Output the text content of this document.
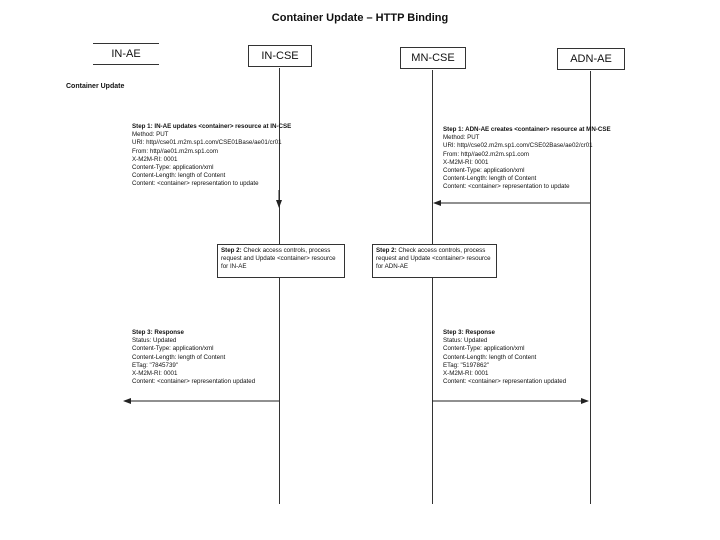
Container Update – HTTP Binding
IN-AE	IN-CSE	MN-CSE	ADN-AE
Container Update
Step 1: IN-AE updates <container> resource at IN-CSE
Method: PUT
URI: http//cse01.m2m.sp1.com/CSE01Base/ae01/cr01
From: http//ae01.m2m.sp1.com
X-M2M-RI: 0001
Content-Type: application/xml
Content-Length: length of Content
Content: <container> representation to update
Step 1: ADN-AE creates <container> resource at MN-CSE
Method: PUT
URI: http//cse02.m2m.sp1.com/CSE02Base/ae02/cr01
From: http//ae02.m2m.sp1.com
X-M2M-RI: 0001
Content-Type: application/xml
Content-Length: length of Content
Content: <container> representation to update
Step 2: Check access controls, process request and Update <container> resource for IN-AE
Step 2: Check access controls, process request and Update <container> resource for ADN-AE
Step 3: Response
Status: Updated
Content-Type: application/xml
Content-Length: length of Content
ETag: "7845739"
X-M2M-RI: 0001
Content: <container> representation updated
Step 3: Response
Status: Updated
Content-Type: application/xml
Content-Length: length of Content
ETag: "5197862"
X-M2M-RI: 0001
Content: <container> representation updated
